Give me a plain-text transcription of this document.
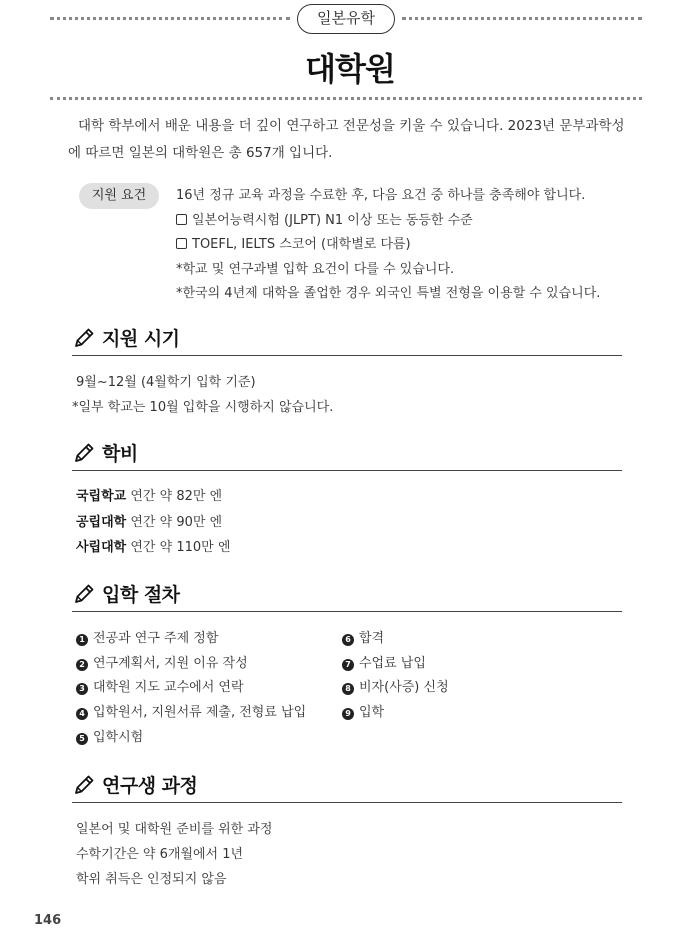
일본유학
대학원

대학 학부에서 배운 내용을 더 깊이 연구하고 전문성을 키울 수 있습니다. 2023년 문부과학성

에 따르면 일본의 대학원은 총 657개 입니다.

지원 요건	16년 정규 교육 과정을 수료한 후, 다음 요건 중 하나를 충족해야 합니다.
일본어능력시험 (JLPT) N1 이상 또는 동등한 수준
TOEFL, IELTS 스코어 (대학별로 다름)
*학교 및 연구과별 입학 요건이 다를 수 있습니다.
*한국의 4년제 대학을 졸업한 경우 외국인 특별 전형을 이용할 수 있습니다.
지원 시기
9월~12월 (4월학기 입학 기준)
*일부 학교는 10월 입학을 시행하지 않습니다.
학비
국립학교 연간 약 82만 엔
공립대학 연간 약 90만 엔
사립대학 연간 약 110만 엔
입학 절차
1 전공과 연구 주제 정함
2 연구계획서, 지원 이유 작성
3 대학원 지도 교수에서 연락
4 입학원서, 지원서류 제출, 전형료 납입
5 입학시험
6 합격
7 수업료 납입
8 비자(사증) 신청
9 입학
연구생 과정
일본어 및 대학원 준비를 위한 과정
수학기간은 약 6개월에서 1년
학위 취득은 인정되지 않음
146
